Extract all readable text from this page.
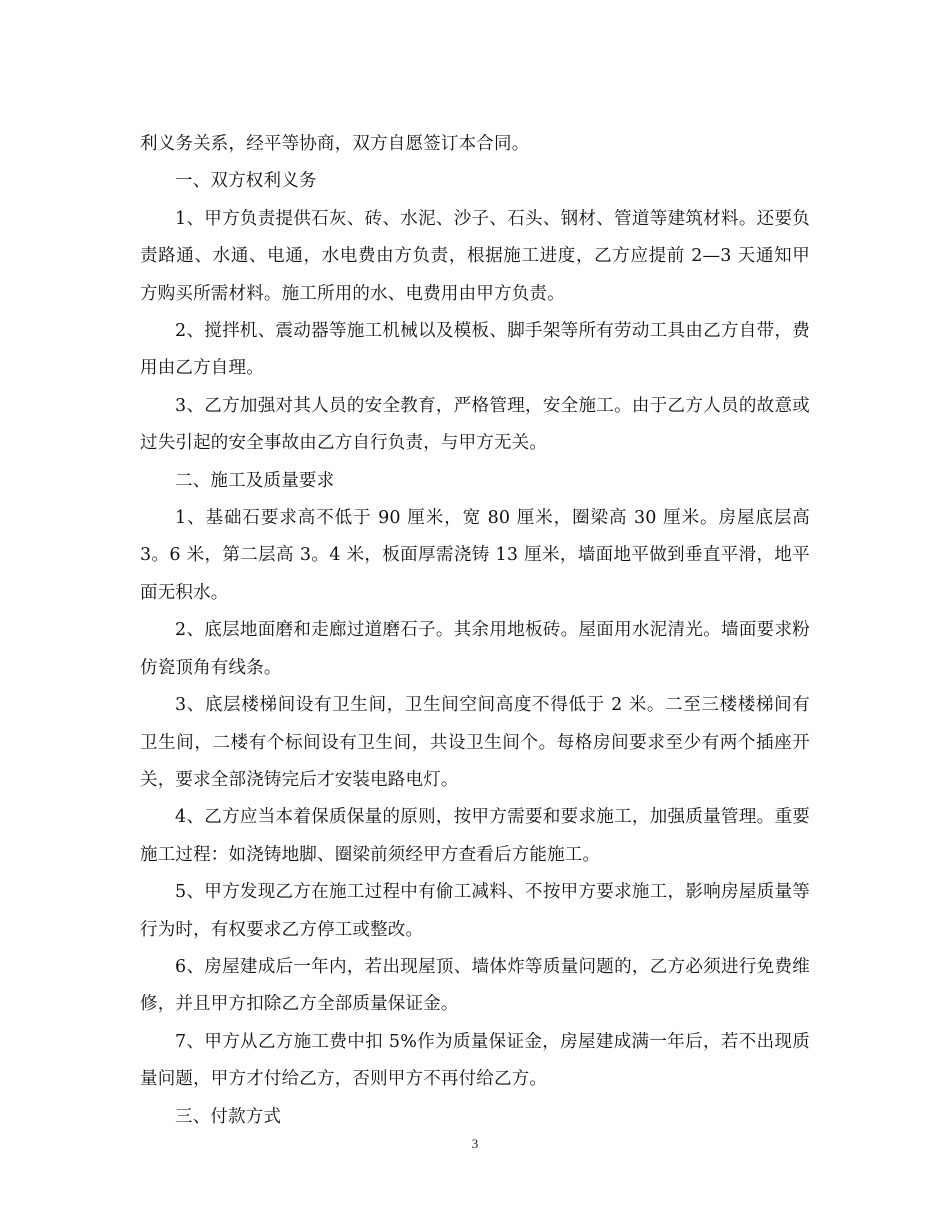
利义务关系，经平等协商，双方自愿签订本合同。

一、双方权利义务

1、甲方负责提供石灰、砖、水泥、沙子、石头、钢材、管道等建筑材料。还要负责路通、水通、电通，水电费由方负责，根据施工进度，乙方应提前 2—3 天通知甲方购买所需材料。施工所用的水、电费用由甲方负责。

2、搅拌机、震动器等施工机械以及模板、脚手架等所有劳动工具由乙方自带，费用由乙方自理。

3、乙方加强对其人员的安全教育，严格管理，安全施工。由于乙方人员的故意或过失引起的安全事故由乙方自行负责，与甲方无关。

二、施工及质量要求

1、基础石要求高不低于 90 厘米，宽 80 厘米，圈梁高 30 厘米。房屋底层高 3。6 米，第二层高 3。4 米，板面厚需浇铸 13 厘米，墙面地平做到垂直平滑，地平面无积水。

2、底层地面磨和走廊过道磨石子。其余用地板砖。屋面用水泥清光。墙面要求粉仿瓷顶角有线条。

3、底层楼梯间设有卫生间，卫生间空间高度不得低于 2 米。二至三楼楼梯间有卫生间，二楼有个标间设有卫生间，共设卫生间个。每格房间要求至少有两个插座开关，要求全部浇铸完后才安装电路电灯。

4、乙方应当本着保质保量的原则，按甲方需要和要求施工，加强质量管理。重要施工过程：如浇铸地脚、圈梁前须经甲方查看后方能施工。

5、甲方发现乙方在施工过程中有偷工减料、不按甲方要求施工，影响房屋质量等行为时，有权要求乙方停工或整改。

6、房屋建成后一年内，若出现屋顶、墙体炸等质量问题的，乙方必须进行免费维修，并且甲方扣除乙方全部质量保证金。

7、甲方从乙方施工费中扣 5%作为质量保证金，房屋建成满一年后，若不出现质量问题，甲方才付给乙方，否则甲方不再付给乙方。

三、付款方式

3
